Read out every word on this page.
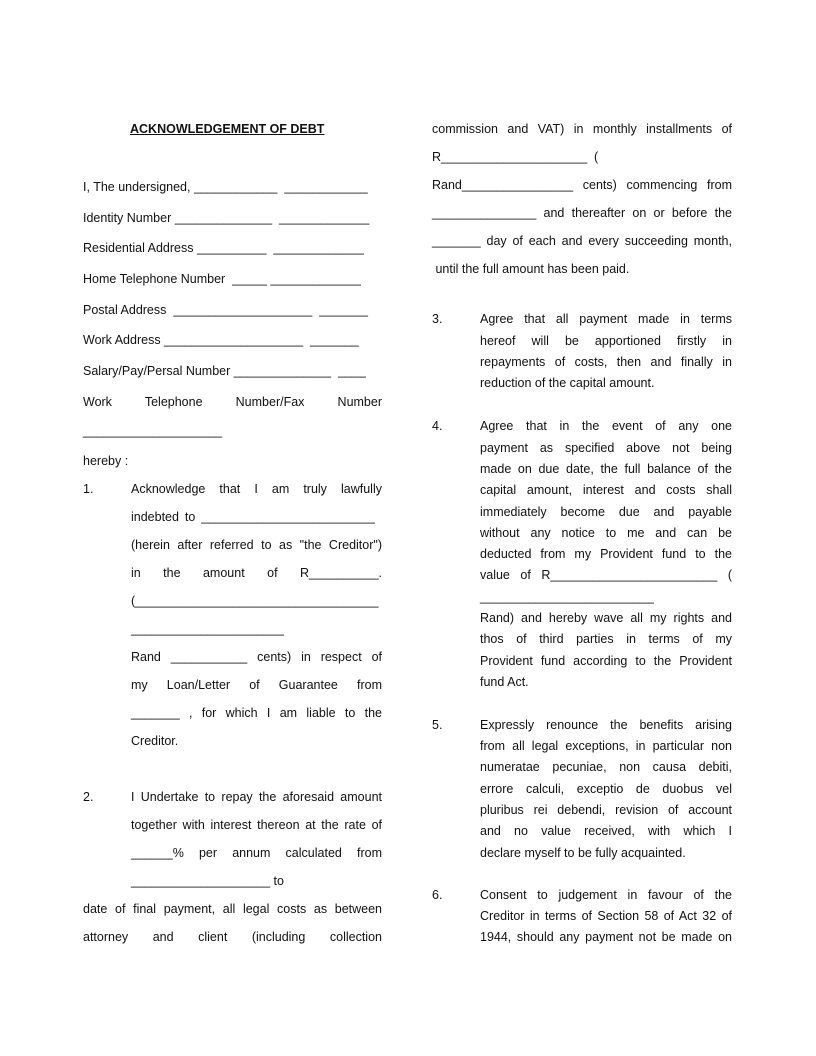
ACKNOWLEDGEMENT OF DEBT
I, The undersigned, ____________  ____________
Identity Number ______________  _____________
Residential Address __________  _____________
Home Telephone Number  _____ _____________
Postal Address  ____________________  _______
Work Address ____________________  _______
Salary/Pay/Persal Number ______________  ____
Work Telephone Number/Fax Number
____________________
hereby :
1.	Acknowledge that I am truly lawfully
indebted to _________________________
(herein after referred to as "the Creditor")
in the amount of R__________.
(___________________________________
______________________
Rand ___________ cents) in respect of
my Loan/Letter of Guarantee from
_______ , for which I am liable to the
Creditor.
2.	I Undertake to repay the aforesaid amount
together with interest thereon at the rate of
______% per annum calculated from
____________________ to
date of final payment, all legal costs as between
attorney and client (including collection
commission and VAT) in monthly installments of
R_____________________  (
Rand________________ cents) commencing from
_______________ and thereafter on or before the
_______ day of each and every succeeding month,
until the full amount has been paid.
3.	Agree that all payment made in terms
hereof will be apportioned firstly in
repayments of costs, then and finally in
reduction of the capital amount.
4.	Agree that in the event of any one
payment as specified above not being
made on due date, the full balance of the
capital amount, interest and costs shall
immediately become due and payable
without any notice to me and can be
deducted from my Provident fund to the
value of R________________________ (
_________________________
Rand) and hereby wave all my rights and
thos of third parties in terms of my
Provident fund according to the Provident
fund Act.
5.	Expressly renounce the benefits arising
from all legal exceptions, in particular non
numeratae pecuniae, non causa debiti,
errore calculi, exceptio de duobus vel
pluribus rei debendi, revision of account
and no value received, with which I
declare myself to be fully acquainted.
6.	Consent to judgement in favour of the
Creditor in terms of Section 58 of Act 32 of
1944, should any payment not be made on
